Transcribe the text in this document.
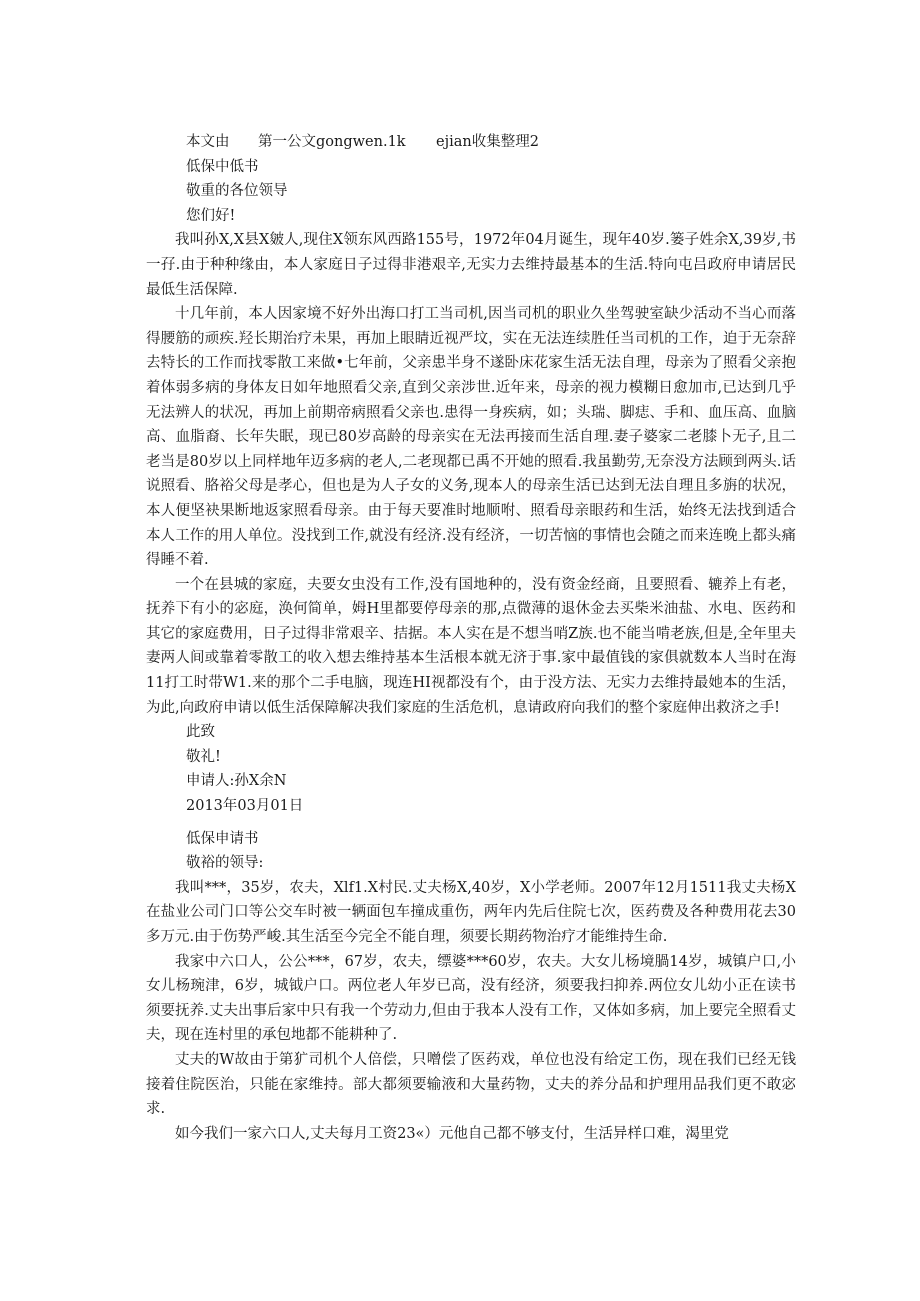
本文由 第一公文gongwen.1k ejian收集整理2
低保中低书
敬重的各位领导
您们好!
我叫孙X,X县X皴人,现住X领东风西路155号，1972年04月诞生，现年40岁.篓子姓余X,39岁,书一孖.由于种种缘由，本人家庭日子过得非港艰辛,无实力去维持最基本的生活.特向屯吕政府申请居民最低生活保障.
十几年前，本人因家境不好外出海口打工当司机,因当司机的职业久坐驾驶室缺少活动不当心而落得腰筋的顽疾.羟长期治疗未果，再加上眼睛近视严坟，实在无法连续胜任当司机的工作，迫于无奈辞去特长的工作而找零散工来做•七年前，父亲患半身不遂卧床花家生活无法自理，母亲为了照看父亲抱着体弱多病的身体友日如年地照看父亲,直到父亲涉世.近年来，母亲的视力模糊日愈加市,已达到几乎无法辨人的状况，再加上前期帝病照看父亲也.患得一身疾病，如；头瑞、脚痣、手和、血压高、血脑高、血脂裔、长年失眠，现已80岁高龄的母亲实在无法再接而生活自理.妻子婆家二老膝卜无子,且二老当是80岁以上同样地年迈多病的老人,二老现都已禹不开她的照看.我虽勤劳,无奈没方法顾到两头.话说照看、胳裕父母是孝心，但也是为人子女的义务,现本人的母亲生活已达到无法自理且多旃的状况，本人便坚袂果断地返家照看母亲。由于每天要准时地顺咐、照看母亲眼药和生活，始终无法找到适合本人工作的用人单位。没找到工作,就没有经济.没有经济，一切苦恼的事情也会随之而来连晚上都头痛得睡不着.
一个在县城的家庭，夫要女虫没有工作,没有国地种的，没有资金经商，且要照看、辘养上有老，抚养下有小的宓庭，涣何简单，姆H里都要停母亲的那,点微薄的退休金去买柴米油盐、水电、医药和其它的家庭费用，日子过得非常艰辛、拮据。本人实在是不想当哨Z族.也不能当啃老族,但是,全年里夫妻两人间或靠着零散工的收入想去维持基本生活根本就无济于事.家中最值钱的家俱就数本人当时在海11打工时带W1.来的那个二手电脑，现连HI视都没有个，由于没方法、无实力去维持最她本的生活，为此,向政府申请以低生活保障解决我们家庭的生活危机，息请政府向我们的整个家庭伸出救济之手!
此致
敬礼!
申请人:孙X余N
2013年03月01日
低保申请书
敬裕的领导:
我叫***，35岁，农夫，Xlf1.X村民.丈夫杨X,40岁，X小学老师。2007年12月1511我丈夫杨X在盐业公司门口等公交车时被一辆面包车撞成重伤，两年内先后住院七次，医药费及各种费用花去30多万元.由于伤势严峻.其生活至今完全不能自理，须要长期药物治疗才能维持生命.
我家中六口人，公公***，67岁，农夫，缥婆***60岁，农夫。大女儿杨境腡14岁，城镇户口,小女儿杨琬津，6岁，城钺户口。两位老人年岁已高，没有经济，须要我扫抑养.两位女儿幼小正在读书须要抚养.丈夫出事后家中只有我一个劳动力,但由于我本人没有工作，又体如多病，加上要完全照看丈夫，现在连村里的承包地都不能耕种了.
丈夫的W故由于第犷司机个人倍偿，只噌偿了医药戏，单位也没有给定工伤，现在我们已经无钱接着住院医治，只能在家维持。部大都须要输液和大量药物，丈夫的养分品和护理用品我们更不敢宓求.
如今我们一家六口人,丈夫每月工资23«）元他自己都不够支付，生活异样口难，渴里党
